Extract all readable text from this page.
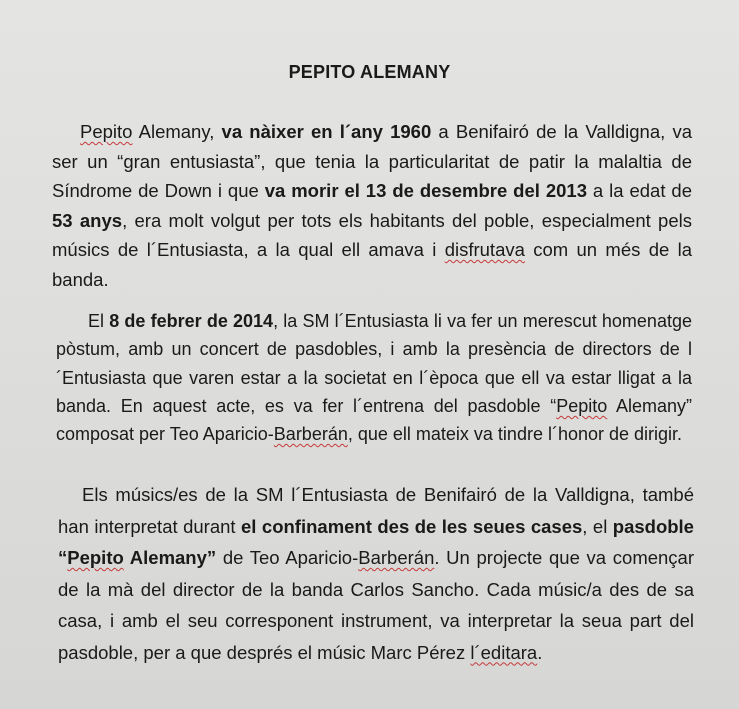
PEPITO ALEMANY

Pepito Alemany, va nàixer en l´any 1960 a Benifairó de la Valldigna, va ser un “gran entusiasta”, que tenia la particularitat de patir la malaltia de Síndrome de Down i que va morir el 13 de desembre del 2013 a la edat de 53 anys, era molt volgut per tots els habitants del poble, especialment pels músics de l´Entusiasta, a la qual ell amava i disfrutava com un més de la banda.

El 8 de febrer de 2014, la SM l´Entusiasta li va fer un merescut homenatge pòstum, amb un concert de pasdobles, i amb la presència de directors de l´Entusiasta que varen estar a la societat en l´època que ell va estar lligat a la banda. En aquest acte, es va fer l´entrena del pasdoble “Pepito Alemany” composat per Teo Aparicio-Barberán, que ell mateix va tindre l´honor de dirigir.

Els músics/es de la SM l´Entusiasta de Benifairó de la Valldigna, també han interpretat durant el confinament des de les seues cases, el pasdoble “Pepito Alemany” de Teo Aparicio-Barberán. Un projecte que va començar de la mà del director de la banda Carlos Sancho. Cada músic/a des de sa casa, i amb el seu corresponent instrument, va interpretar la seua part del pasdoble, per a que després el músic Marc Pérez l´editara.
